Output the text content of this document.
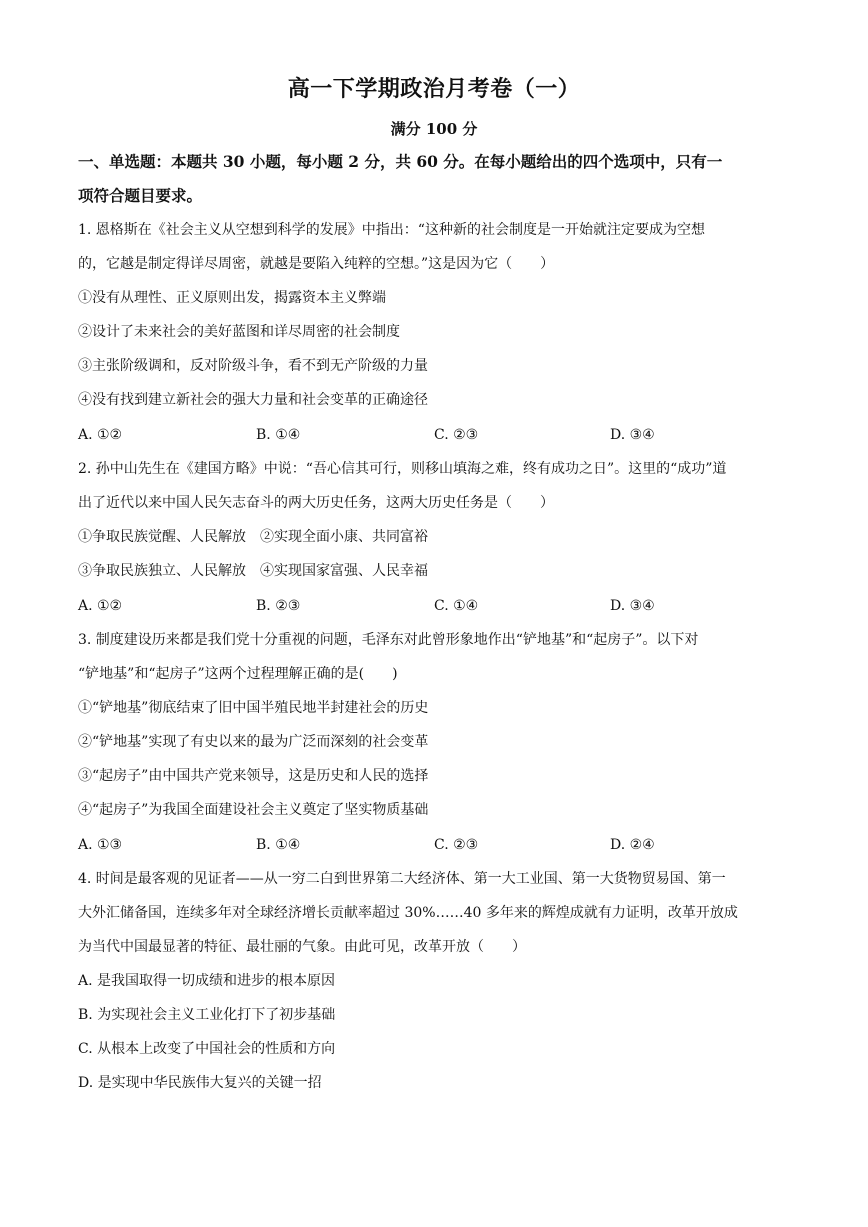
高一下学期政治月考卷（一）
满分 100 分
一、单选题：本题共 30 小题，每小题 2 分，共 60 分。在每小题给出的四个选项中，只有一
项符合题目要求。
1. 恩格斯在《社会主义从空想到科学的发展》中指出：“这种新的社会制度是一开始就注定要成为空想
的，它越是制定得详尽周密，就越是要陷入纯粹的空想。”这是因为它（　　）
①没有从理性、正义原则出发，揭露资本主义弊端
②设计了未来社会的美好蓝图和详尽周密的社会制度
③主张阶级调和，反对阶级斗争，看不到无产阶级的力量
④没有找到建立新社会的强大力量和社会变革的正确途径
A. ①②	B. ①④	C. ②③	D. ③④
2. 孙中山先生在《建国方略》中说：“吾心信其可行，则移山填海之难，终有成功之日”。这里的“成功”道
出了近代以来中国人民矢志奋斗的两大历史任务，这两大历史任务是（　　）
①争取民族觉醒、人民解放　②实现全面小康、共同富裕
③争取民族独立、人民解放　④实现国家富强、人民幸福
A. ①②	B. ②③	C. ①④	D. ③④
3. 制度建设历来都是我们党十分重视的问题，毛泽东对此曾形象地作出“铲地基”和“起房子”。以下对
“铲地基”和“起房子”这两个过程理解正确的是(　　)
①“铲地基”彻底结束了旧中国半殖民地半封建社会的历史
②“铲地基”实现了有史以来的最为广泛而深刻的社会变革
③“起房子”由中国共产党来领导，这是历史和人民的选择
④“起房子”为我国全面建设社会主义奠定了坚实物质基础
A. ①③	B. ①④	C. ②③	D. ②④
4. 时间是最客观的见证者——从一穷二白到世界第二大经济体、第一大工业国、第一大货物贸易国、第一
大外汇储备国，连续多年对全球经济增长贡献率超过 30%……40 多年来的辉煌成就有力证明，改革开放成
为当代中国最显著的特征、最壮丽的气象。由此可见，改革开放（　　）
A. 是我国取得一切成绩和进步的根本原因
B. 为实现社会主义工业化打下了初步基础
C. 从根本上改变了中国社会的性质和方向
D. 是实现中华民族伟大复兴的关键一招
